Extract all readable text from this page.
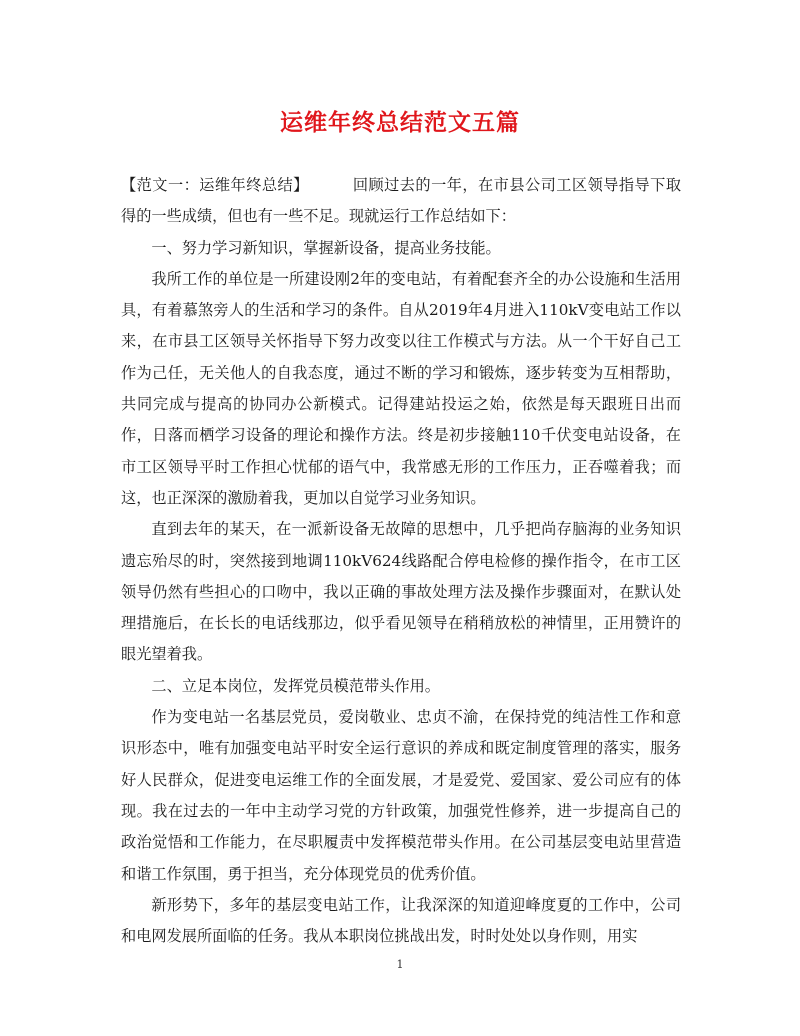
运维年终总结范文五篇

【范文一：运维年终总结】	回顾过去的一年，在市县公司工区领导指导下取得的一些成绩，但也有一些不足。现就运行工作总结如下：

一、努力学习新知识，掌握新设备，提高业务技能。

我所工作的单位是一所建设刚2年的变电站，有着配套齐全的办公设施和生活用具，有着慕煞旁人的生活和学习的条件。自从2019年4月进入110kV变电站工作以来，在市县工区领导关怀指导下努力改变以往工作模式与方法。从一个干好自己工作为己任，无关他人的自我态度，通过不断的学习和锻炼，逐步转变为互相帮助，共同完成与提高的协同办公新模式。记得建站投运之始，依然是每天跟班日出而作，日落而栖学习设备的理论和操作方法。终是初步接触110千伏变电站设备，在市工区领导平时工作担心忧郁的语气中，我常感无形的工作压力，正吞噬着我；而这，也正深深的激励着我，更加以自觉学习业务知识。

直到去年的某天，在一派新设备无故障的思想中，几乎把尚存脑海的业务知识遗忘殆尽的时，突然接到地调110kV624线路配合停电检修的操作指令，在市工区领导仍然有些担心的口吻中，我以正确的事故处理方法及操作步骤面对，在默认处理措施后，在长长的电话线那边，似乎看见领导在稍稍放松的神情里，正用赞许的眼光望着我。

二、立足本岗位，发挥党员模范带头作用。

作为变电站一名基层党员，爱岗敬业、忠贞不渝，在保持党的纯洁性工作和意识形态中，唯有加强变电站平时安全运行意识的养成和既定制度管理的落实，服务好人民群众，促进变电运维工作的全面发展，才是爱党、爱国家、爱公司应有的体现。我在过去的一年中主动学习党的方针政策，加强党性修养，进一步提高自己的政治觉悟和工作能力，在尽职履责中发挥模范带头作用。在公司基层变电站里营造和谐工作氛围，勇于担当，充分体现党员的优秀价值。

新形势下，多年的基层变电站工作，让我深深的知道迎峰度夏的工作中，公司和电网发展所面临的任务。我从本职岗位挑战出发，时时处处以身作则，用实

1
